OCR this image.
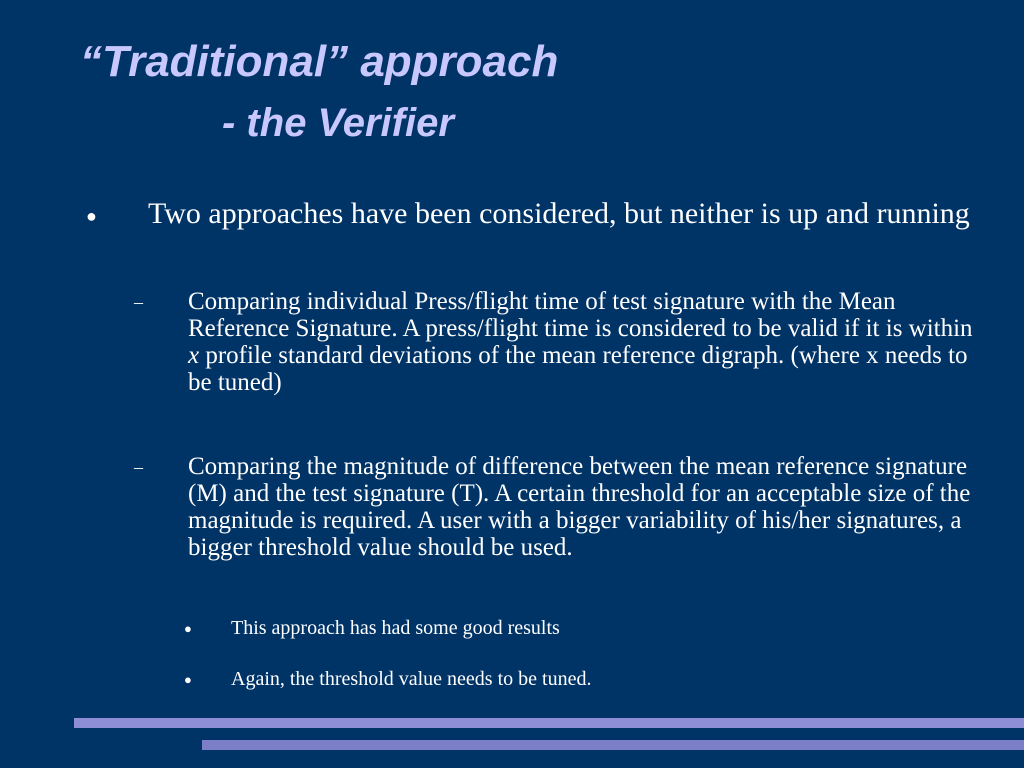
“Traditional” approach
- the Verifier
● Two approaches have been considered, but neither is up and running
– Comparing individual Press/flight time of test signature with the Mean Reference Signature. A press/flight time is considered to be valid if it is within x profile standard deviations of the mean reference digraph. (where x needs to be tuned)
– Comparing the magnitude of difference between the mean reference signature (M) and the test signature (T). A certain threshold for an acceptable size of the magnitude is required. A user with a bigger variability of his/her signatures, a bigger threshold value should be used.
● This approach has had some good results
● Again, the threshold value needs to be tuned.
